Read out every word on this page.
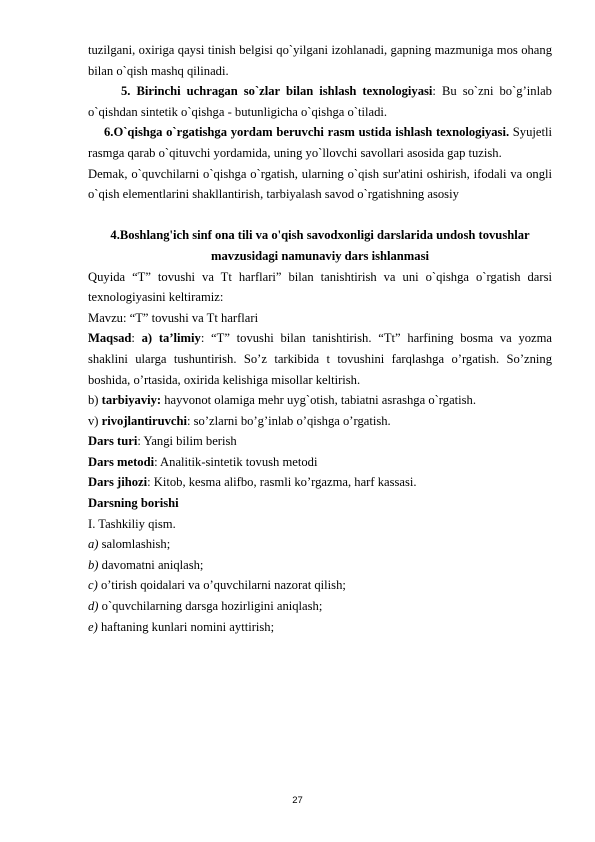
tuzilgani, oxiriga qaysi tinish belgisi qo`yilgani izohlanadi, gapning mazmuniga mos ohang bilan o`qish mashq qilinadi.

5. Birinchi uchragan so`zlar bilan ishlash texnologiyasi: Bu so`zni bo`g’inlab o`qishdan sintetik o`qishga - butunligicha o`qishga o`tiladi.

6.O`qishga o`rgatishga yordam beruvchi rasm ustida ishlash texnologiyasi. Syujetli rasmga qarab o`qituvchi yordamida, uning yo`llovchi savollari asosida gap tuzish.

Demak, o`quvchilarni o`qishga o`rgatish, ularning o`qish sur'atini oshirish, ifodali va ongli o`qish elementlarini shakllantirish, tarbiyalash savod o`rgatishning asosiy

4.Boshlang'ich sinf ona tili va o'qish savodxonligi darslarida undosh tovushlar mavzusidagi namunaviy dars ishlanmasi

Quyida “T” tovushi va Tt harflari” bilan tanishtirish va uni o`qishga o`rgatish darsi texnologiyasini keltiramiz:

Mavzu: “T” tovushi va Tt harflari

Maqsad: a) ta’limiy: “T” tovushi bilan tanishtirish. “Tt” harfining bosma va yozma shaklini ularga tushuntirish. So’z tarkibida t tovushini farqlashga o’rgatish. So’zning boshida, o’rtasida, oxirida kelishiga misollar keltirish.

b) tarbiyaviy: hayvonot olamiga mehr uyg`otish, tabiatni asrashga o`rgatish.

v) rivojlantiruvchi: so’zlarni bo’g’inlab o’qishga o’rgatish.

Dars turi: Yangi bilim berish

Dars metodi: Analitik-sintetik tovush metodi

Dars jihozi: Kitob, kesma alifbo, rasmli ko’rgazma, harf kassasi.

Darsning borishi

I. Tashkiliy qism.

a) salomlashish;

b) davomatni aniqlash;

c) o’tirish qoidalari va o’quvchilarni nazorat qilish;

d) o`quvchilarning darsga hozirligini aniqlash;

e) haftaning kunlari nomini ayttirish;

27
